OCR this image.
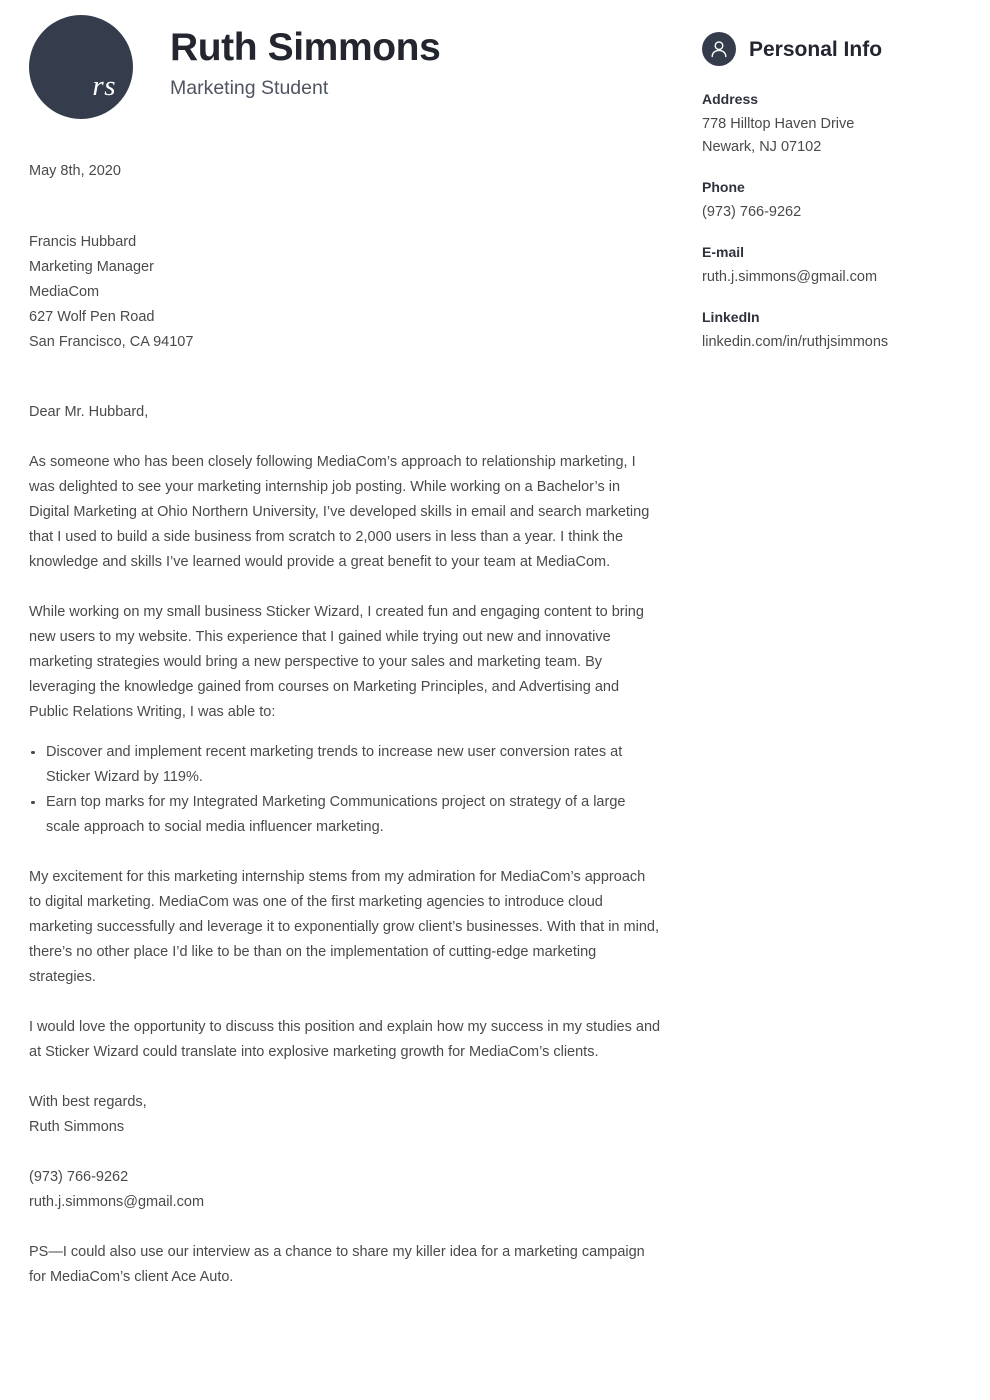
rs
Ruth Simmons
Marketing Student
May 8th, 2020
Francis Hubbard
Marketing Manager
MediaCom
627 Wolf Pen Road
San Francisco, CA 94107
Dear Mr. Hubbard,

As someone who has been closely following MediaCom’s approach to relationship marketing, I was delighted to see your marketing internship job posting. While working on a Bachelor’s in Digital Marketing at Ohio Northern University, I’ve developed skills in email and search marketing that I used to build a side business from scratch to 2,000 users in less than a year. I think the knowledge and skills I’ve learned would provide a great benefit to your team at MediaCom.

While working on my small business Sticker Wizard, I created fun and engaging content to bring new users to my website. This experience that I gained while trying out new and innovative marketing strategies would bring a new perspective to your sales and marketing team. By leveraging the knowledge gained from courses on Marketing Principles, and Advertising and Public Relations Writing, I was able to:

Discover and implement recent marketing trends to increase new user conversion rates at Sticker Wizard by 119%.
Earn top marks for my Integrated Marketing Communications project on strategy of a large scale approach to social media influencer marketing.

My excitement for this marketing internship stems from my admiration for MediaCom’s approach to digital marketing. MediaCom was one of the first marketing agencies to introduce cloud marketing successfully and leverage it to exponentially grow client’s businesses. With that in mind, there’s no other place I’d like to be than on the implementation of cutting-edge marketing strategies.

I would love the opportunity to discuss this position and explain how my success in my studies and at Sticker Wizard could translate into explosive marketing growth for MediaCom’s clients.

With best regards,
Ruth Simmons
(973) 766-9262
ruth.j.simmons@gmail.com

PS—I could also use our interview as a chance to share my killer idea for a marketing campaign for MediaCom’s client Ace Auto.

Personal Info
Address
778 Hilltop Haven Drive
Newark, NJ 07102
Phone
(973) 766-9262
E-mail
ruth.j.simmons@gmail.com
LinkedIn
linkedin.com/in/ruthjsimmons
